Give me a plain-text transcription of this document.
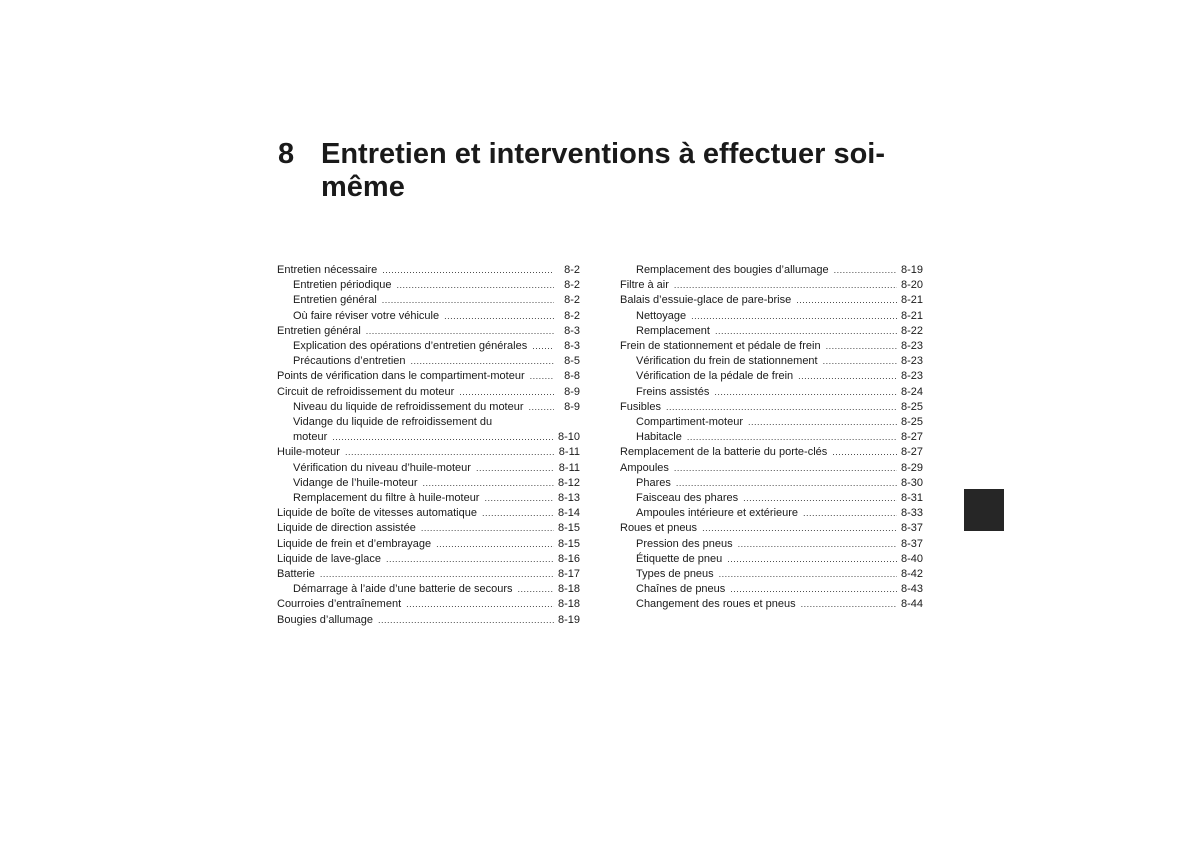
8 Entretien et interventions à effectuer soi-même
Entretien nécessaire .....	8-2
Entretien périodique .....	8-2
Entretien général .....	8-2
Où faire réviser votre véhicule .....	8-2
Entretien général .....	8-3
Explication des opérations d’entretien générales .....	8-3
Précautions d’entretien .....	8-5
Points de vérification dans le compartiment-moteur .....	8-8
Circuit de refroidissement du moteur .....	8-9
Niveau du liquide de refroidissement du moteur .....	8-9
Vidange du liquide de refroidissement du
moteur .....	8-10
Huile-moteur .....	8-11
Vérification du niveau d’huile-moteur .....	8-11
Vidange de l’huile-moteur .....	8-12
Remplacement du filtre à huile-moteur .....	8-13
Liquide de boîte de vitesses automatique .....	8-14
Liquide de direction assistée .....	8-15
Liquide de frein et d’embrayage .....	8-15
Liquide de lave-glace .....	8-16
Batterie .....	8-17
Démarrage à l’aide d’une batterie de secours .....	8-18
Courroies d’entraînement .....	8-18
Bougies d’allumage .....	8-19
Remplacement des bougies d’allumage .....	8-19
Filtre à air .....	8-20
Balais d’essuie-glace de pare-brise .....	8-21
Nettoyage .....	8-21
Remplacement .....	8-22
Frein de stationnement et pédale de frein .....	8-23
Vérification du frein de stationnement .....	8-23
Vérification de la pédale de frein .....	8-23
Freins assistés .....	8-24
Fusibles .....	8-25
Compartiment-moteur .....	8-25
Habitacle .....	8-27
Remplacement de la batterie du porte-clés .....	8-27
Ampoules .....	8-29
Phares .....	8-30
Faisceau des phares .....	8-31
Ampoules intérieure et extérieure .....	8-33
Roues et pneus .....	8-37
Pression des pneus .....	8-37
Étiquette de pneu .....	8-40
Types de pneus .....	8-42
Chaînes de pneus .....	8-43
Changement des roues et pneus .....	8-44
